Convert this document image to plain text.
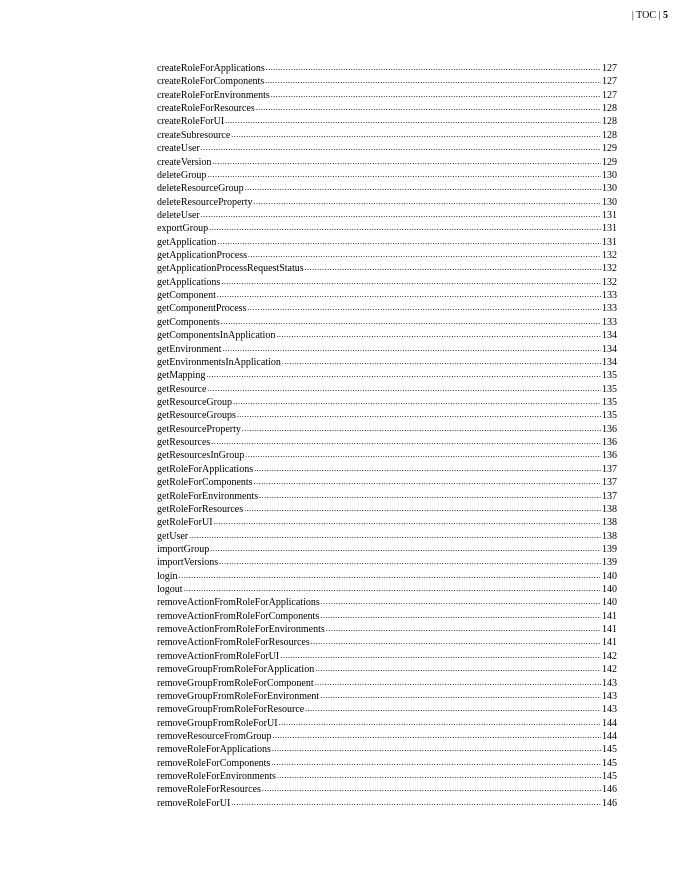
| TOC | 5
createRoleForApplications .....	127
createRoleForComponents .....	127
createRoleForEnvironments .....	127
createRoleForResources .....	128
createRoleForUI .....	128
createSubresource .....	128
createUser .....	129
createVersion .....	129
deleteGroup .....	130
deleteResourceGroup .....	130
deleteResourceProperty .....	130
deleteUser .....	131
exportGroup .....	131
getApplication .....	131
getApplicationProcess .....	132
getApplicationProcessRequestStatus .....	132
getApplications .....	132
getComponent .....	133
getComponentProcess .....	133
getComponents .....	133
getComponentsInApplication .....	134
getEnvironment .....	134
getEnvironmentsInApplication .....	134
getMapping .....	135
getResource .....	135
getResourceGroup .....	135
getResourceGroups .....	135
getResourceProperty .....	136
getResources .....	136
getResourcesInGroup .....	136
getRoleForApplications .....	137
getRoleForComponents .....	137
getRoleForEnvironments .....	137
getRoleForResources .....	138
getRoleForUI .....	138
getUser .....	138
importGroup .....	139
importVersions .....	139
login .....	140
logout .....	140
removeActionFromRoleForApplications .....	140
removeActionFromRoleForComponents .....	141
removeActionFromRoleForEnvironments .....	141
removeActionFromRoleForResources .....	141
removeActionFromRoleForUI .....	142
removeGroupFromRoleForApplication .....	142
removeGroupFromRoleForComponent .....	143
removeGroupFromRoleForEnvironment .....	143
removeGroupFromRoleForResource .....	143
removeGroupFromRoleForUI .....	144
removeResourceFromGroup .....	144
removeRoleForApplications .....	145
removeRoleForComponents .....	145
removeRoleForEnvironments .....	145
removeRoleForResources .....	146
removeRoleForUI .....	146
